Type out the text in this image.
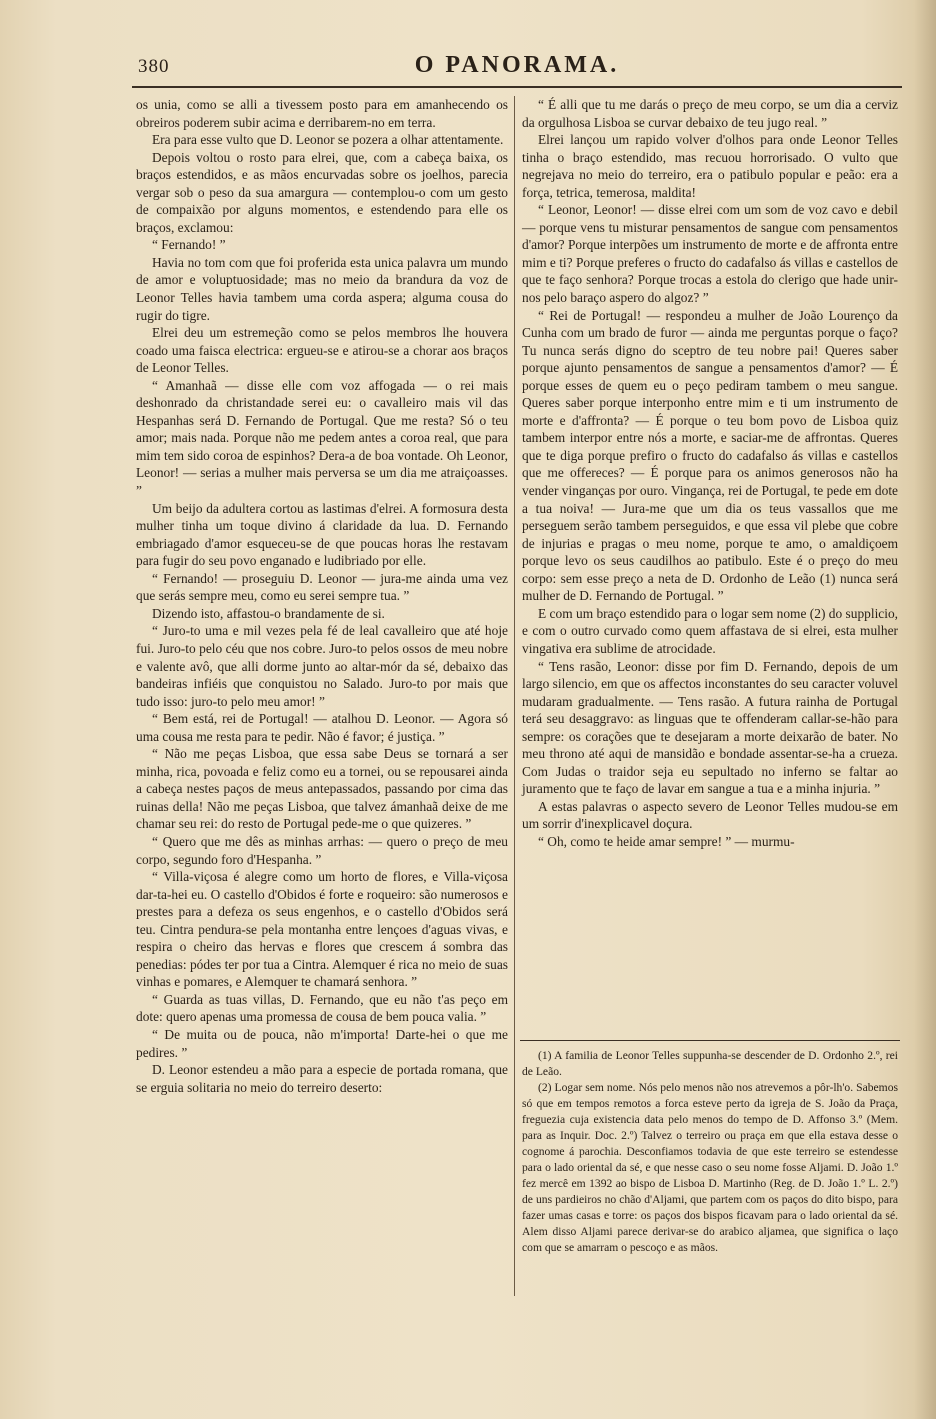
380	O PANORAMA.

os unia, como se alli a tivessem posto para em amanhecendo os obreiros poderem subir acima e derribarem-no em terra.

Era para esse vulto que D. Leonor se pozera a olhar attentamente.

Depois voltou o rosto para elrei, que, com a cabeça baixa, os braços estendidos, e as mãos encurvadas sobre os joelhos, parecia vergar sob o peso da sua amargura — contemplou-o com um gesto de compaixão por alguns momentos, e estendendo para elle os braços, exclamou:

“ Fernando! ”

Havia no tom com que foi proferida esta unica palavra um mundo de amor e voluptuosidade; mas no meio da brandura da voz de Leonor Telles havia tambem uma corda aspera; alguma cousa do rugir do tigre.

Elrei deu um estremeção como se pelos membros lhe houvera coado uma faisca electrica: ergueu-se e atirou-se a chorar aos braços de Leonor Telles.

“ Amanhaã — disse elle com voz affogada — o rei mais deshonrado da christandade serei eu: o cavalleiro mais vil das Hespanhas será D. Fernando de Portugal. Que me resta? Só o teu amor; mais nada. Porque não me pedem antes a coroa real, que para mim tem sido coroa de espinhos? Dera-a de boa vontade. Oh Leonor, Leonor! — serias a mulher mais perversa se um dia me atraiçoasses. ”

Um beijo da adultera cortou as lastimas d'elrei. A formosura desta mulher tinha um toque divino á claridade da lua. D. Fernando embriagado d'amor esqueceu-se de que poucas horas lhe restavam para fugir do seu povo enganado e ludibriado por elle.

“ Fernando! — proseguiu D. Leonor — jura-me ainda uma vez que serás sempre meu, como eu serei sempre tua. ”

Dizendo isto, affastou-o brandamente de si.

“ Juro-to uma e mil vezes pela fé de leal cavalleiro que até hoje fui. Juro-to pelo céu que nos cobre. Juro-to pelos ossos de meu nobre e valente avô, que alli dorme junto ao altar-mór da sé, debaixo das bandeiras infiéis que conquistou no Salado. Juro-to por mais que tudo isso: juro-to pelo meu amor! ”

“ Bem está, rei de Portugal! — atalhou D. Leonor. — Agora só uma cousa me resta para te pedir. Não é favor; é justiça. ”

“ Não me peças Lisboa, que essa sabe Deus se tornará a ser minha, rica, povoada e feliz como eu a tornei, ou se repousarei ainda a cabeça nestes paços de meus antepassados, passando por cima das ruinas della! Não me peças Lisboa, que talvez ámanhaã deixe de me chamar seu rei: do resto de Portugal pede-me o que quizeres. ”

“ Quero que me dês as minhas arrhas: — quero o preço de meu corpo, segundo foro d'Hespanha. ”

“ Villa-viçosa é alegre como um horto de flores, e Villa-viçosa dar-ta-hei eu. O castello d'Obidos é forte e roqueiro: são numerosos e prestes para a defeza os seus engenhos, e o castello d'Obidos será teu. Cintra pendura-se pela montanha entre lençoes d'aguas vivas, e respira o cheiro das hervas e flores que crescem á sombra das penedias: pódes ter por tua a Cintra. Alemquer é rica no meio de suas vinhas e pomares, e Alemquer te chamará senhora. ”

“ Guarda as tuas villas, D. Fernando, que eu não t'as peço em dote: quero apenas uma promessa de cousa de bem pouca valia. ”

“ De muita ou de pouca, não m'importa! Darte-hei o que me pedires. ”

D. Leonor estendeu a mão para a especie de portada romana, que se erguia solitaria no meio do terreiro deserto:

“ É alli que tu me darás o preço de meu corpo, se um dia a cerviz da orgulhosa Lisboa se curvar debaixo de teu jugo real. ”

Elrei lançou um rapido volver d'olhos para onde Leonor Telles tinha o braço estendido, mas recuou horrorisado. O vulto que negrejava no meio do terreiro, era o patibulo popular e peão: era a força, tetrica, temerosa, maldita!

“ Leonor, Leonor! — disse elrei com um som de voz cavo e debil — porque vens tu misturar pensamentos de sangue com pensamentos d'amor? Porque interpões um instrumento de morte e de affronta entre mim e ti? Porque preferes o fructo do cadafalso ás villas e castellos de que te faço senhora? Porque trocas a estola do clerigo que hade unir-nos pelo baraço aspero do algoz? ”

“ Rei de Portugal! — respondeu a mulher de João Lourenço da Cunha com um brado de furor — ainda me perguntas porque o faço? Tu nunca serás digno do sceptro de teu nobre pai! Queres saber porque ajunto pensamentos de sangue a pensamentos d'amor? — É porque esses de quem eu o peço pediram tambem o meu sangue. Queres saber porque interponho entre mim e ti um instrumento de morte e d'affronta? — É porque o teu bom povo de Lisboa quiz tambem interpor entre nós a morte, e saciar-me de affrontas. Queres que te diga porque prefiro o fructo do cadafalso ás villas e castellos que me offereces? — É porque para os animos generosos não ha vender vinganças por ouro. Vingança, rei de Portugal, te pede em dote a tua noiva! — Jura-me que um dia os teus vassallos que me perseguem serão tambem perseguidos, e que essa vil plebe que cobre de injurias e pragas o meu nome, porque te amo, o amaldiçoem porque levo os seus caudilhos ao patibulo. Este é o preço do meu corpo: sem esse preço a neta de D. Ordonho de Leão (1) nunca será mulher de D. Fernando de Portugal. ”

E com um braço estendido para o logar sem nome (2) do supplicio, e com o outro curvado como quem affastava de si elrei, esta mulher vingativa era sublime de atrocidade.

“ Tens rasão, Leonor: disse por fim D. Fernando, depois de um largo silencio, em que os affectos inconstantes do seu caracter voluvel mudaram gradualmente. — Tens rasão. A futura rainha de Portugal terá seu desaggravo: as linguas que te offenderam callar-se-hão para sempre: os corações que te desejaram a morte deixarão de bater. No meu throno até aqui de mansidão e bondade assentar-se-ha a crueza. Com Judas o traidor seja eu sepultado no inferno se faltar ao juramento que te faço de lavar em sangue a tua e a minha injuria. ”

A estas palavras o aspecto severo de Leonor Telles mudou-se em um sorrir d'inexplicavel doçura.

“ Oh, como te heide amar sempre! ” — murmu-

(1) A familia de Leonor Telles suppunha-se descender de D. Ordonho 2.º, rei de Leão.

(2) Logar sem nome. Nós pelo menos não nos atrevemos a pôr-lh'o. Sabemos só que em tempos remotos a forca esteve perto da igreja de S. João da Praça, freguezia cuja existencia data pelo menos do tempo de D. Affonso 3.º (Mem. para as Inquir. Doc. 2.º) Talvez o terreiro ou praça em que ella estava desse o cognome á parochia. Desconfiamos todavia de que este terreiro se estendesse para o lado oriental da sé, e que nesse caso o seu nome fosse Aljami. D. João 1.º fez mercê em 1392 ao bispo de Lisboa D. Martinho (Reg. de D. João 1.º L. 2.º) de uns pardieiros no chão d'Aljami, que partem com os paços do dito bispo, para fazer umas casas e torre: os paços dos bispos ficavam para o lado oriental da sé. Alem disso Aljami parece derivar-se do arabico aljamea, que significa o laço com que se amarram o pescoço e as mãos.
